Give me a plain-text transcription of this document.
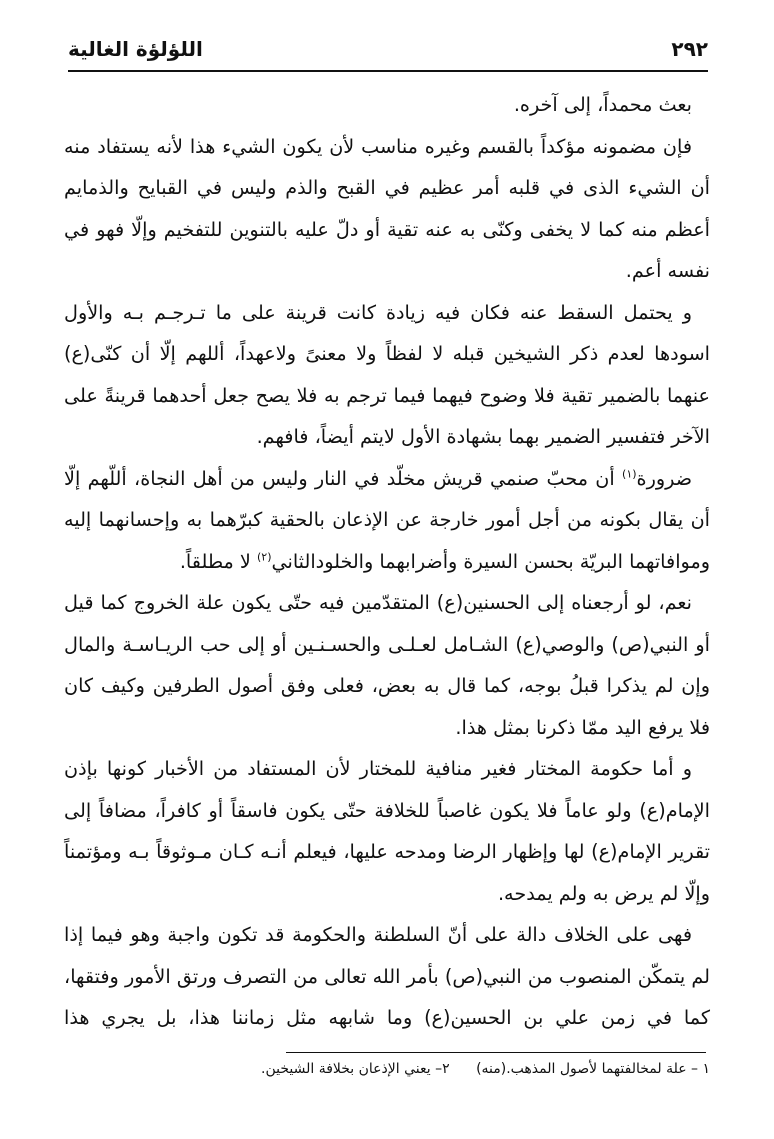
٢٩٢
اللؤلؤة الغالية

بعث محمداً، إلى آخره.

فإن مضمونه مؤكداً بالقسم وغيره مناسب لأن يكون الشيء هذا لأنه يستفاد منه أن الشيء الذى في قلبه أمر عظيم في القبح والذم وليس في القبايح والذمايم أعظم منه كما لا يخفى وكنّى به عنه تقية أو دلّ عليه بالتنوين للتفخيم وإلّا فهو في نفسه أعم.

و يحتمل السقط عنه فكان فيه زيادة كانت قرينة على ما تـرجـم بـه والأول اسودها لعدم ذكر الشيخين قبله لا لفظاً ولا معنىً ولاعهداً، أللهم إلّا أن كنّى(ع) عنهما بالضمير تقية فلا وضوح فيهما فيما ترجم به فلا يصح جعل أحدهما قرينةً على الآخر فتفسير الضمير بهما بشهادة الأول لايتم أيضاً، فافهم.

ضرورة$^{(١)}$ أن محبّ صنمي قريش مخلّد في النار وليس من أهل النجاة، أللّهم إلّا أن يقال بكونه من أجل أمور خارجة عن الإذعان بالحقية كبرّهما به وإحسانهما إليه وموافاتهما البريّة بحسن السيرة وأضرابهما والخلودالثاني$^{(٢)}$ لا مطلقاً.

نعم، لو أرجعناه إلى الحسنين(ع) المتقدّمين فيه حتّى يكون علة الخروج كما قيل أو النبي(ص) والوصي(ع) الشـامل لعـلـى والحسـنـين أو إلى حب الريـاسـة والمال وإن لم يذكرا قبلُ بوجه، كما قال به بعض، فعلى وفق أصول الطرفين وكيف كان فلا يرفع اليد ممّا ذكرنا بمثل هذا.

و أما حكومة المختار فغير منافية للمختار لأن المستفاد من الأخبار كونها بإذن الإمام(ع) ولو عاماً فلا يكون غاصباً للخلافة حتّى يكون فاسقاً أو كافراً، مضافاً إلى تقرير الإمام(ع) لها وإظهار الرضا ومدحه عليها، فيعلم أنـه كـان مـوثوقاً بـه ومؤتمناً وإلّا لم يرض به ولم يمدحه.

فهى على الخلاف دالة على أنّ السلطنة والحكومة قد تكون واجبة وهو فيما إذا لم يتمكّن المنصوب من النبي(ص) بأمر الله تعالى من التصرف ورتق الأمور وفتقها، كما في زمن علي بن الحسين(ع) وما شابهه مثل زماننا هذا، بل يجري هذا

١ – علة لمخالفتهما لأصول المذهب.(منه) ٢– يعني الإذعان بخلافة الشيخين.
